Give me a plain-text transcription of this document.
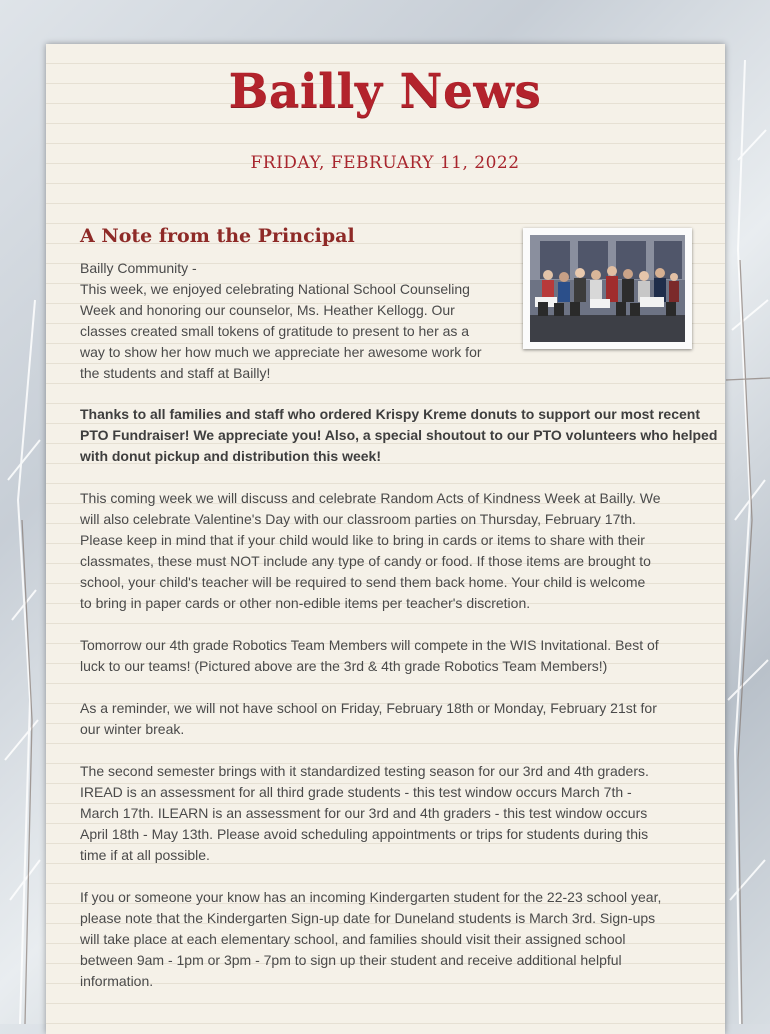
Bailly News
FRIDAY, FEBRUARY 11, 2022
A Note from the Principal

Bailly Community -

This week, we enjoyed celebrating National School Counseling

Week and honoring our counselor, Ms. Heather Kellogg. Our

classes created small tokens of gratitude to present to her as a

way to show her how much we appreciate her awesome work for

the students and staff at Bailly!

Thanks to all families and staff who ordered Krispy Kreme donuts to support our most recent

PTO Fundraiser! We appreciate you! Also, a special shoutout to our PTO volunteers who helped

with donut pickup and distribution this week!

This coming week we will discuss and celebrate Random Acts of Kindness Week at Bailly. We

will also celebrate Valentine's Day with our classroom parties on Thursday, February 17th.

Please keep in mind that if your child would like to bring in cards or items to share with their

classmates, these must NOT include any type of candy or food. If those items are brought to

school, your child's teacher will be required to send them back home. Your child is welcome

to bring in paper cards or other non-edible items per teacher's discretion.

Tomorrow our 4th grade Robotics Team Members will compete in the WIS Invitational. Best of

luck to our teams! (Pictured above are the 3rd & 4th grade Robotics Team Members!)

As a reminder, we will not have school on Friday, February 18th or Monday, February 21st for

our winter break.

The second semester brings with it standardized testing season for our 3rd and 4th graders.

IREAD is an assessment for all third grade students - this test window occurs March 7th -

March 17th. ILEARN is an assessment for our 3rd and 4th graders - this test window occurs

April 18th - May 13th. Please avoid scheduling appointments or trips for students during this

time if at all possible.

If you or someone your know has an incoming Kindergarten student for the 22-23 school year,

please note that the Kindergarten Sign-up date for Duneland students is March 3rd. Sign-ups

will take place at each elementary school, and families should visit their assigned school

between 9am - 1pm or 3pm - 7pm to sign up their student and receive additional helpful

information.
